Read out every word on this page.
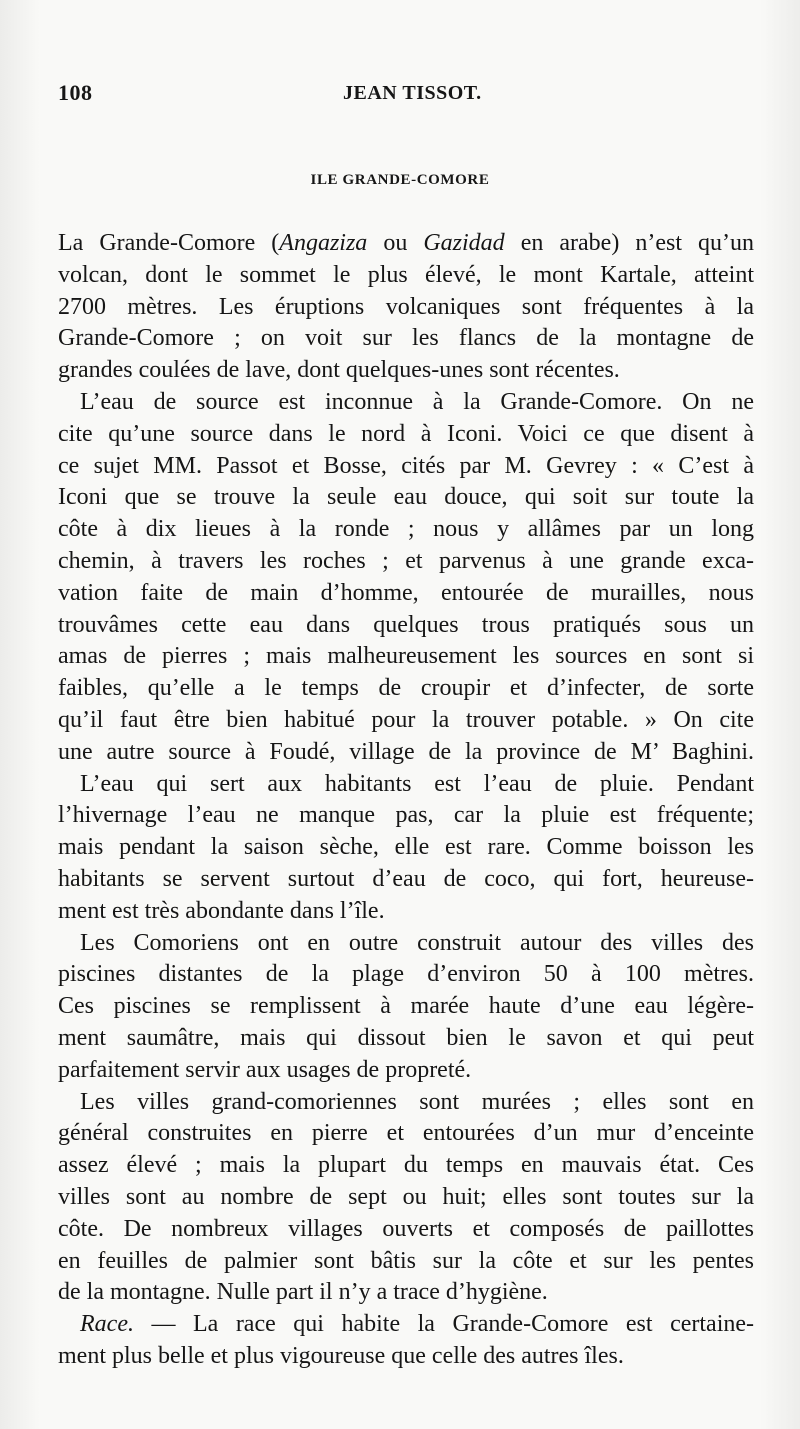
108	JEAN TISSOT.
ILE GRANDE-COMORE
La Grande-Comore (Angaziza ou Gazidad en arabe) n’est qu’un
volcan, dont le sommet le plus élevé, le mont Kartale, atteint
2700 mètres. Les éruptions volcaniques sont fréquentes à la
Grande-Comore ; on voit sur les flancs de la montagne de
grandes coulées de lave, dont quelques-unes sont récentes.
L’eau de source est inconnue à la Grande-Comore. On ne
cite qu’une source dans le nord à Iconi. Voici ce que disent à
ce sujet MM. Passot et Bosse, cités par M. Gevrey : « C’est à
Iconi que se trouve la seule eau douce, qui soit sur toute la
côte à dix lieues à la ronde ; nous y allâmes par un long
chemin, à travers les roches ; et parvenus à une grande exca-
vation faite de main d’homme, entourée de murailles, nous
trouvâmes cette eau dans quelques trous pratiqués sous un
amas de pierres ; mais malheureusement les sources en sont si
faibles, qu’elle a le temps de croupir et d’infecter, de sorte
qu’il faut être bien habitué pour la trouver potable. » On cite
une autre source à Foudé, village de la province de M’ Baghini.
L’eau qui sert aux habitants est l’eau de pluie. Pendant
l’hivernage l’eau ne manque pas, car la pluie est fréquente;
mais pendant la saison sèche, elle est rare. Comme boisson les
habitants se servent surtout d’eau de coco, qui fort, heureuse-
ment est très abondante dans l’île.
Les Comoriens ont en outre construit autour des villes des
piscines distantes de la plage d’environ 50 à 100 mètres.
Ces piscines se remplissent à marée haute d’une eau légère-
ment saumâtre, mais qui dissout bien le savon et qui peut
parfaitement servir aux usages de propreté.
Les villes grand-comoriennes sont murées ; elles sont en
général construites en pierre et entourées d’un mur d’enceinte
assez élevé ; mais la plupart du temps en mauvais état. Ces
villes sont au nombre de sept ou huit; elles sont toutes sur la
côte. De nombreux villages ouverts et composés de paillottes
en feuilles de palmier sont bâtis sur la côte et sur les pentes
de la montagne. Nulle part il n’y a trace d’hygiène.
Race. — La race qui habite la Grande-Comore est certaine-
ment plus belle et plus vigoureuse que celle des autres îles.
